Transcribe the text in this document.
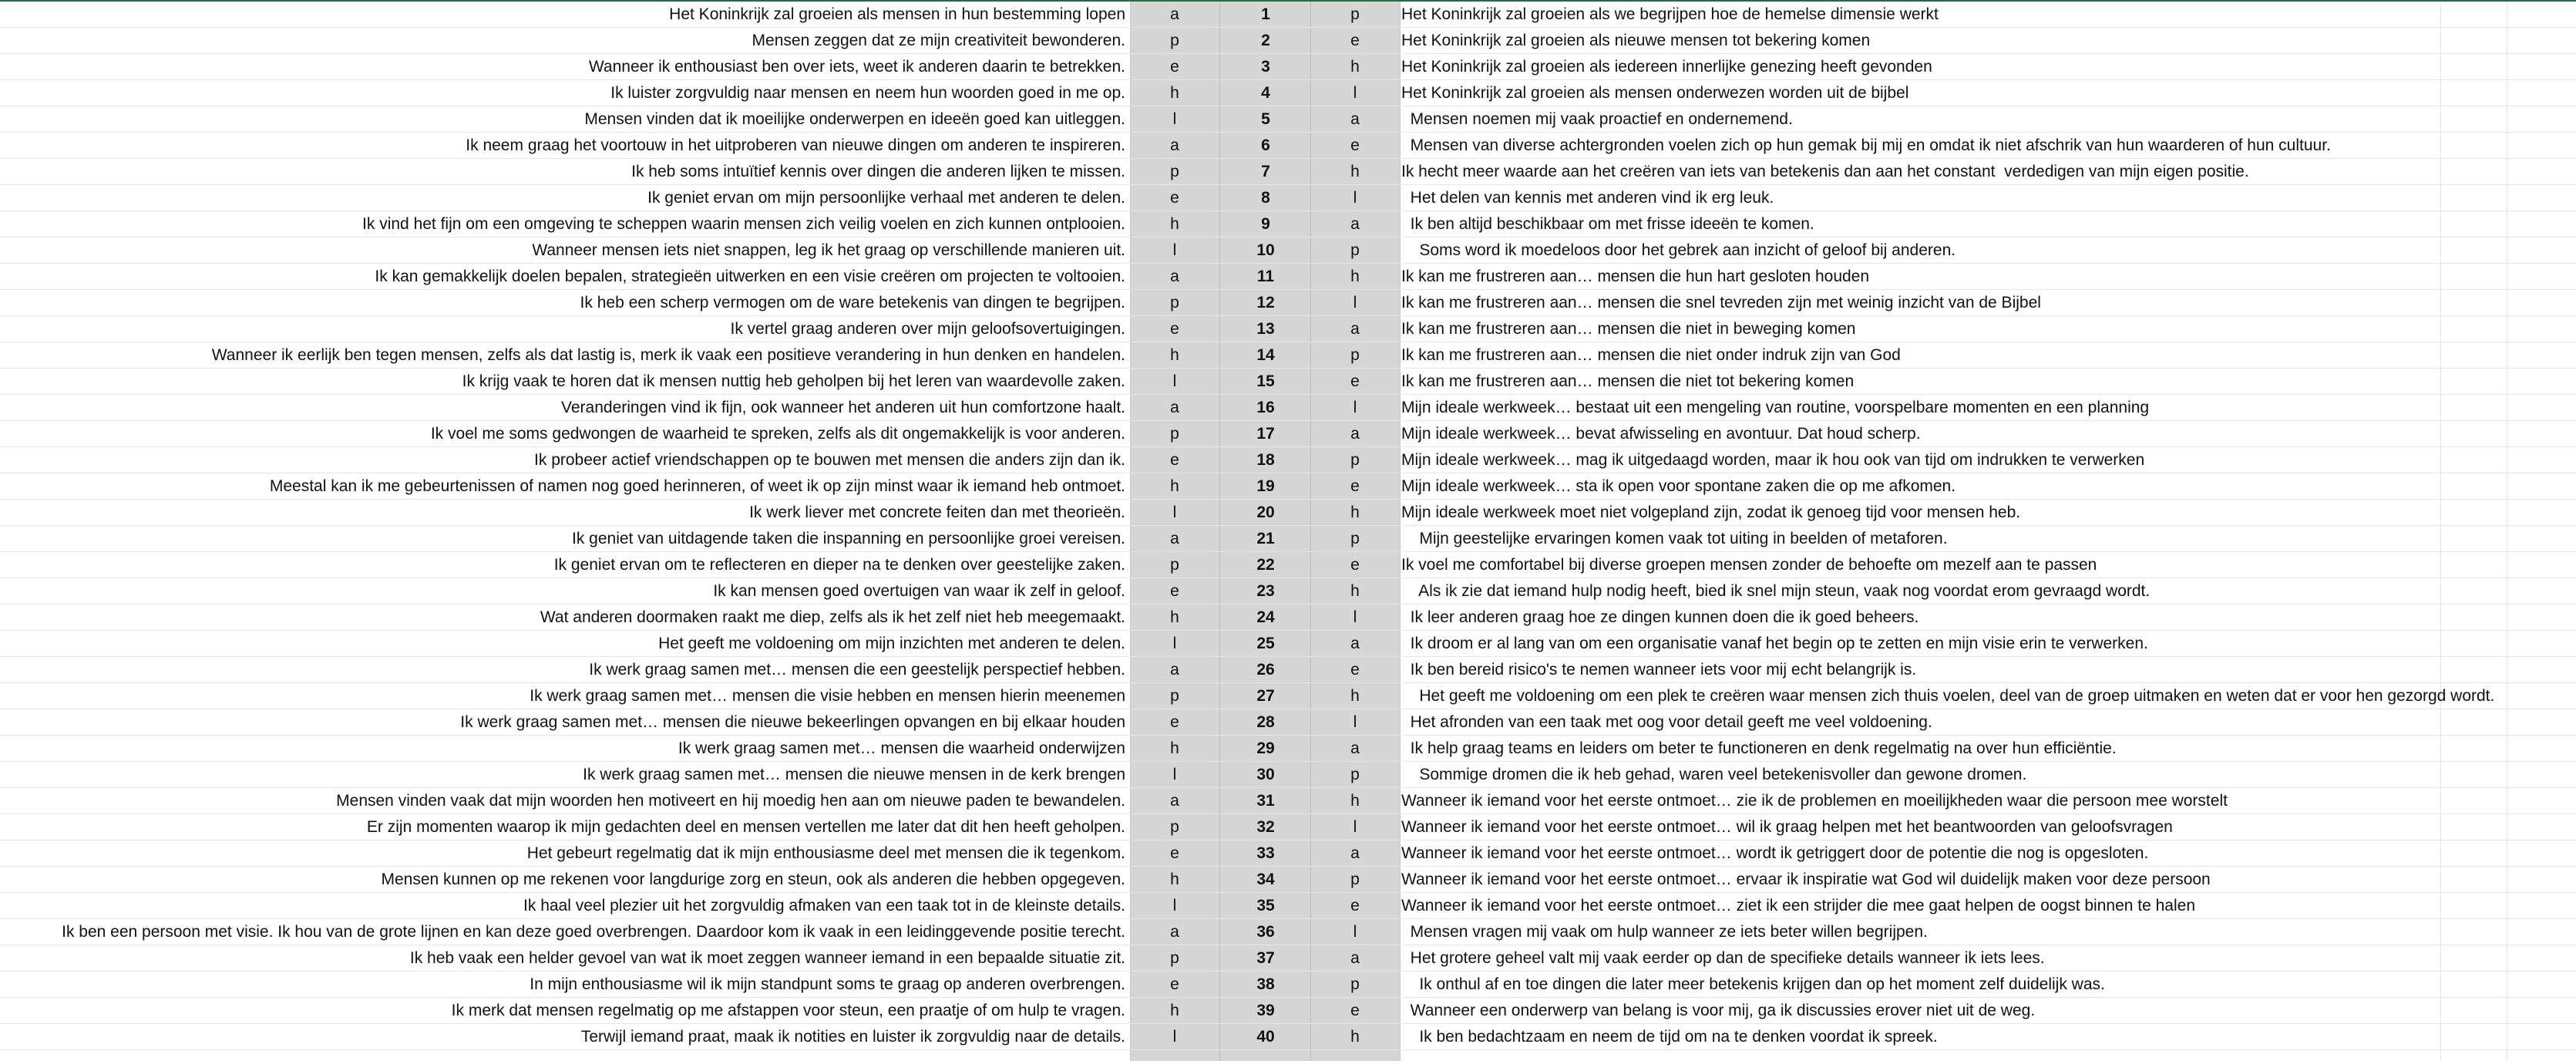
Het Koninkrijk zal groeien als mensen in hun bestemming lopen	a	1	p	Het Koninkrijk zal groeien als we begrijpen hoe de hemelse dimensie werkt
Mensen zeggen dat ze mijn creativiteit bewonderen.	p	2	e	Het Koninkrijk zal groeien als nieuwe mensen tot bekering komen
Wanneer ik enthousiast ben over iets, weet ik anderen daarin te betrekken.	e	3	h	Het Koninkrijk zal groeien als iedereen innerlijke genezing heeft gevonden
Ik luister zorgvuldig naar mensen en neem hun woorden goed in me op.	h	4	l	Het Koninkrijk zal groeien als mensen onderwezen worden uit de bijbel
Mensen vinden dat ik moeilijke onderwerpen en ideeën goed kan uitleggen.	l	5	a	Mensen noemen mij vaak proactief en ondernemend.
Ik neem graag het voortouw in het uitproberen van nieuwe dingen om anderen te inspireren.	a	6	e	Mensen van diverse achtergronden voelen zich op hun gemak bij mij en omdat ik niet afschrik van hun waarderen of hun cultuur.
Ik heb soms intuïtief kennis over dingen die anderen lijken te missen.	p	7	h	Ik hecht meer waarde aan het creëren van iets van betekenis dan aan het constant  verdedigen van mijn eigen positie.
Ik geniet ervan om mijn persoonlijke verhaal met anderen te delen.	e	8	l	Het delen van kennis met anderen vind ik erg leuk.
Ik vind het fijn om een omgeving te scheppen waarin mensen zich veilig voelen en zich kunnen ontplooien.	h	9	a	Ik ben altijd beschikbaar om met frisse ideeën te komen.
Wanneer mensen iets niet snappen, leg ik het graag op verschillende manieren uit.	l	10	p	Soms word ik moedeloos door het gebrek aan inzicht of geloof bij anderen.
Ik kan gemakkelijk doelen bepalen, strategieën uitwerken en een visie creëren om projecten te voltooien.	a	11	h	Ik kan me frustreren aan… mensen die hun hart gesloten houden
Ik heb een scherp vermogen om de ware betekenis van dingen te begrijpen.	p	12	l	Ik kan me frustreren aan… mensen die snel tevreden zijn met weinig inzicht van de Bijbel
Ik vertel graag anderen over mijn geloofsovertuigingen.	e	13	a	Ik kan me frustreren aan… mensen die niet in beweging komen
Wanneer ik eerlijk ben tegen mensen, zelfs als dat lastig is, merk ik vaak een positieve verandering in hun denken en handelen.	h	14	p	Ik kan me frustreren aan… mensen die niet onder indruk zijn van God
Ik krijg vaak te horen dat ik mensen nuttig heb geholpen bij het leren van waardevolle zaken.	l	15	e	Ik kan me frustreren aan… mensen die niet tot bekering komen
Veranderingen vind ik fijn, ook wanneer het anderen uit hun comfortzone haalt.	a	16	l	Mijn ideale werkweek… bestaat uit een mengeling van routine, voorspelbare momenten en een planning
Ik voel me soms gedwongen de waarheid te spreken, zelfs als dit ongemakkelijk is voor anderen.	p	17	a	Mijn ideale werkweek… bevat afwisseling en avontuur. Dat houd scherp.
Ik probeer actief vriendschappen op te bouwen met mensen die anders zijn dan ik.	e	18	p	Mijn ideale werkweek… mag ik uitgedaagd worden, maar ik hou ook van tijd om indrukken te verwerken
Meestal kan ik me gebeurtenissen of namen nog goed herinneren, of weet ik op zijn minst waar ik iemand heb ontmoet.	h	19	e	Mijn ideale werkweek… sta ik open voor spontane zaken die op me afkomen.
Ik werk liever met concrete feiten dan met theorieën.	l	20	h	Mijn ideale werkweek moet niet volgepland zijn, zodat ik genoeg tijd voor mensen heb.
Ik geniet van uitdagende taken die inspanning en persoonlijke groei vereisen.	a	21	p	Mijn geestelijke ervaringen komen vaak tot uiting in beelden of metaforen.
Ik geniet ervan om te reflecteren en dieper na te denken over geestelijke zaken.	p	22	e	Ik voel me comfortabel bij diverse groepen mensen zonder de behoefte om mezelf aan te passen
Ik kan mensen goed overtuigen van waar ik zelf in geloof.	e	23	h	Als ik zie dat iemand hulp nodig heeft, bied ik snel mijn steun, vaak nog voordat erom gevraagd wordt.
Wat anderen doormaken raakt me diep, zelfs als ik het zelf niet heb meegemaakt.	h	24	l	Ik leer anderen graag hoe ze dingen kunnen doen die ik goed beheers.
Het geeft me voldoening om mijn inzichten met anderen te delen.	l	25	a	Ik droom er al lang van om een organisatie vanaf het begin op te zetten en mijn visie erin te verwerken.
Ik werk graag samen met… mensen die een geestelijk perspectief hebben.	a	26	e	Ik ben bereid risico's te nemen wanneer iets voor mij echt belangrijk is.
Ik werk graag samen met… mensen die visie hebben en mensen hierin meenemen	p	27	h	Het geeft me voldoening om een plek te creëren waar mensen zich thuis voelen, deel van de groep uitmaken en weten dat er voor hen gezorgd wordt.
Ik werk graag samen met… mensen die nieuwe bekeerlingen opvangen en bij elkaar houden	e	28	l	Het afronden van een taak met oog voor detail geeft me veel voldoening.
Ik werk graag samen met… mensen die waarheid onderwijzen	h	29	a	Ik help graag teams en leiders om beter te functioneren en denk regelmatig na over hun efficiëntie.
Ik werk graag samen met… mensen die nieuwe mensen in de kerk brengen	l	30	p	Sommige dromen die ik heb gehad, waren veel betekenisvoller dan gewone dromen.
Mensen vinden vaak dat mijn woorden hen motiveert en hij moedig hen aan om nieuwe paden te bewandelen.	a	31	h	Wanneer ik iemand voor het eerste ontmoet… zie ik de problemen en moeilijkheden waar die persoon mee worstelt
Er zijn momenten waarop ik mijn gedachten deel en mensen vertellen me later dat dit hen heeft geholpen.	p	32	l	Wanneer ik iemand voor het eerste ontmoet… wil ik graag helpen met het beantwoorden van geloofsvragen
Het gebeurt regelmatig dat ik mijn enthousiasme deel met mensen die ik tegenkom.	e	33	a	Wanneer ik iemand voor het eerste ontmoet… wordt ik getriggert door de potentie die nog is opgesloten.
Mensen kunnen op me rekenen voor langdurige zorg en steun, ook als anderen die hebben opgegeven.	h	34	p	Wanneer ik iemand voor het eerste ontmoet… ervaar ik inspiratie wat God wil duidelijk maken voor deze persoon
Ik haal veel plezier uit het zorgvuldig afmaken van een taak tot in de kleinste details.	l	35	e	Wanneer ik iemand voor het eerste ontmoet… ziet ik een strijder die mee gaat helpen de oogst binnen te halen
Ik ben een persoon met visie. Ik hou van de grote lijnen en kan deze goed overbrengen. Daardoor kom ik vaak in een leidinggevende positie terecht.	a	36	l	Mensen vragen mij vaak om hulp wanneer ze iets beter willen begrijpen.
Ik heb vaak een helder gevoel van wat ik moet zeggen wanneer iemand in een bepaalde situatie zit.	p	37	a	Het grotere geheel valt mij vaak eerder op dan de specifieke details wanneer ik iets lees.
In mijn enthousiasme wil ik mijn standpunt soms te graag op anderen overbrengen.	e	38	p	Ik onthul af en toe dingen die later meer betekenis krijgen dan op het moment zelf duidelijk was.
Ik merk dat mensen regelmatig op me afstappen voor steun, een praatje of om hulp te vragen.	h	39	e	Wanneer een onderwerp van belang is voor mij, ga ik discussies erover niet uit de weg.
Terwijl iemand praat, maak ik notities en luister ik zorgvuldig naar de details.	l	40	h	Ik ben bedachtzaam en neem de tijd om na te denken voordat ik spreek.
